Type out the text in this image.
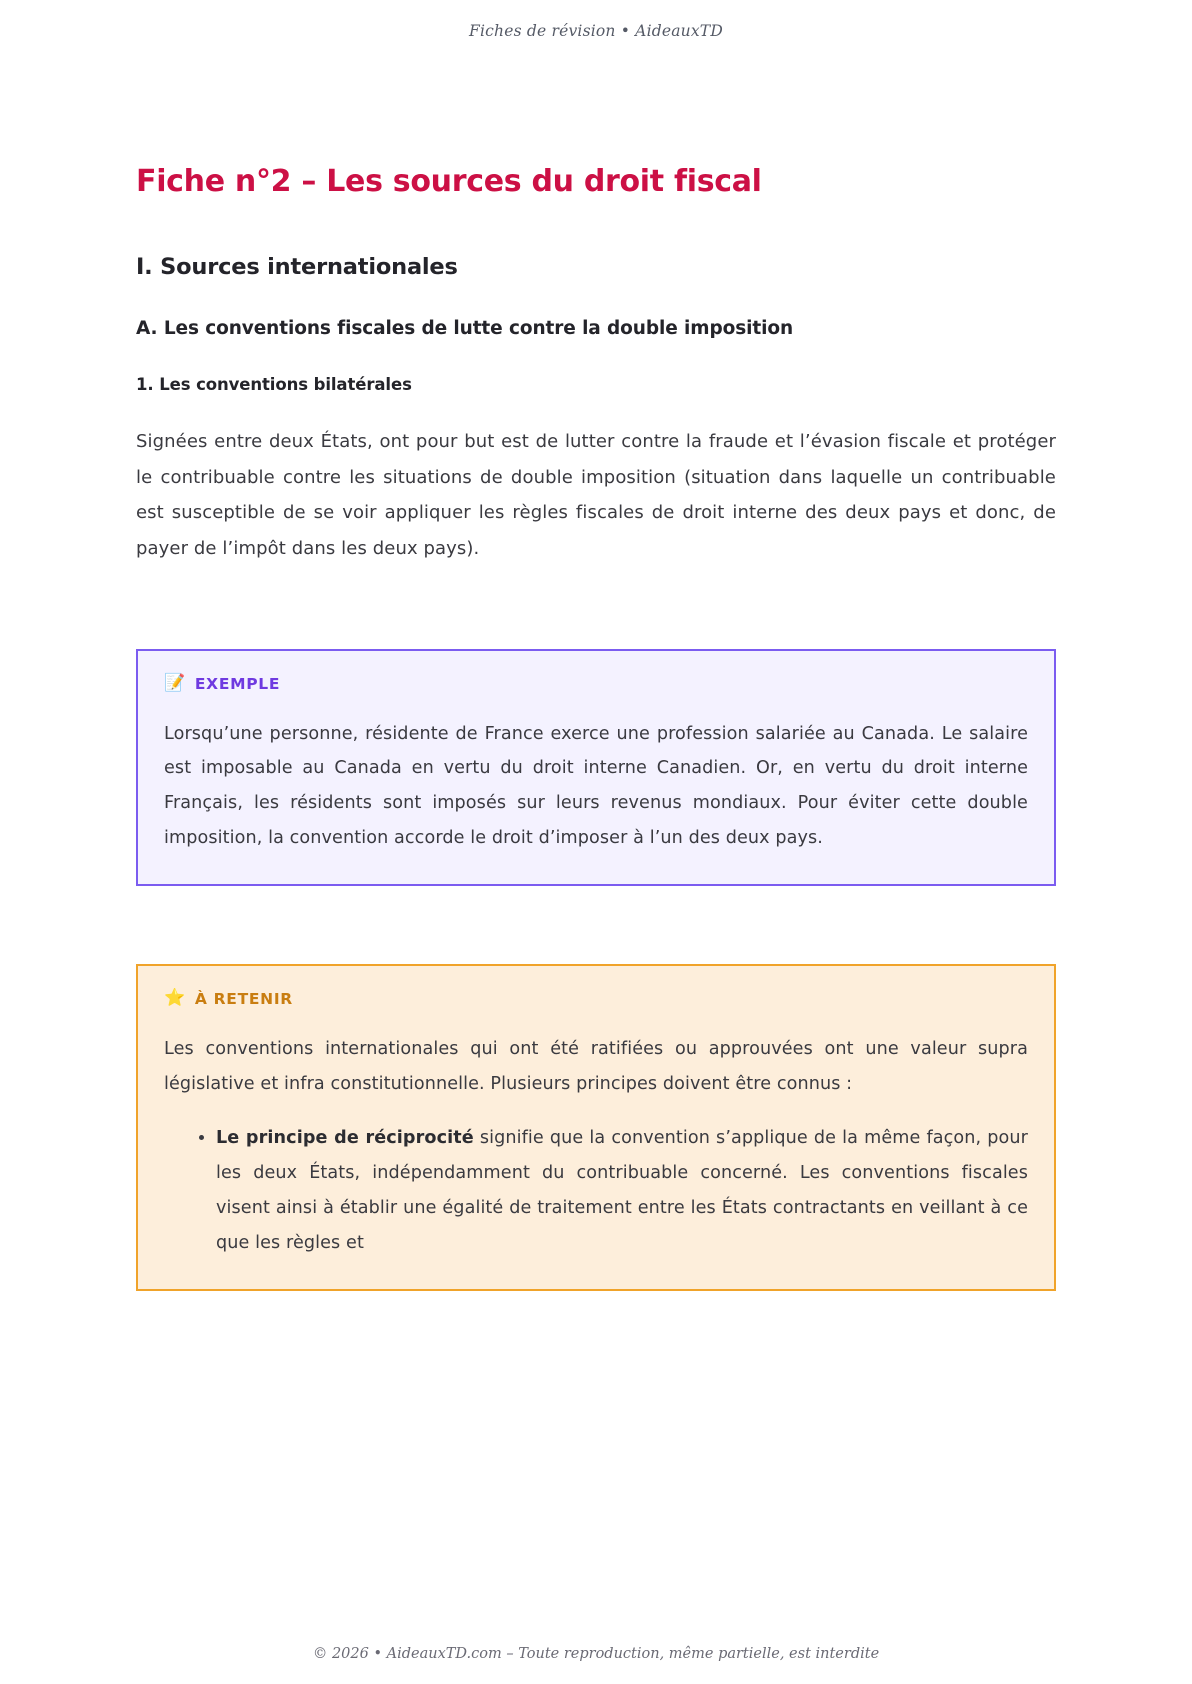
Fiches de révision • AideauxTD
Fiche n°2 – Les sources du droit fiscal
I. Sources internationales
A. Les conventions fiscales de lutte contre la double imposition
1. Les conventions bilatérales

Signées entre deux États, ont pour but est de lutter contre la fraude et l’évasion fiscale et protéger le contribuable contre les situations de double imposition (situation dans laquelle un contribuable est susceptible de se voir appliquer les règles fiscales de droit interne des deux pays et donc, de payer de l’impôt dans les deux pays).

📝 EXEMPLE

Lorsqu’une personne, résidente de France exerce une profession salariée au Canada. Le salaire est imposable au Canada en vertu du droit interne Canadien. Or, en vertu du droit interne Français, les résidents sont imposés sur leurs revenus mondiaux. Pour éviter cette double imposition, la convention accorde le droit d’imposer à l’un des deux pays.

⭐ À RETENIR

Les conventions internationales qui ont été ratifiées ou approuvées ont une valeur supra législative et infra constitutionnelle. Plusieurs principes doivent être connus :

• Le principe de réciprocité signifie que la convention s’applique de la même façon, pour les deux États, indépendamment du contribuable concerné. Les conventions fiscales visent ainsi à établir une égalité de traitement entre les États contractants en veillant à ce que les règles et
© 2026 • AideauxTD.com – Toute reproduction, même partielle, est interdite
